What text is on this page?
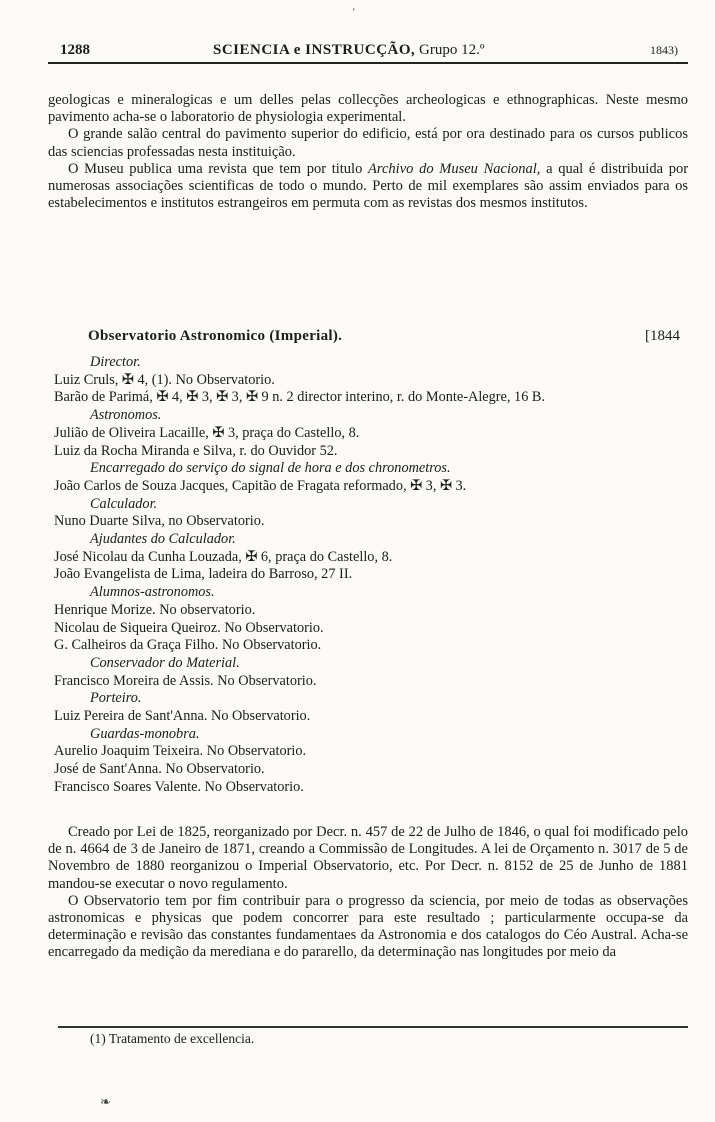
‘
1288	SCIENCIA e INSTRUCÇÃO, Grupo 12.º	1843)

geologicas e mineralogicas e um delles pelas collecções archeologicas e ethnographicas. Neste mesmo pavimento acha-se o laboratorio de physiologia experimental.

O grande salão central do pavimento superior do edificio, está por ora destinado para os cursos publicos das sciencias professadas nesta instituição.

O Museu publica uma revista que tem por titulo Archivo do Museu Nacional, a qual é distribuida por numerosas associações scientificas de todo o mundo. Perto de mil exemplares são assim enviados para os estabelecimentos e institutos estrangeiros em permuta com as revistas dos mesmos institutos.

Observatorio Astronomico (Imperial).	[1844
Director.
Luiz Cruls, ✠ 4, (1). No Observatorio.
Barão de Parimá, ✠ 4, ✠ 3, ✠ 3, ✠ 9 n. 2 director interino, r. do Monte-Alegre, 16 B.
Astronomos.
Julião de Oliveira Lacaille, ✠ 3, praça do Castello, 8.
Luiz da Rocha Miranda e Silva, r. do Ouvidor 52.
Encarregado do serviço do signal de hora e dos chronometros.
João Carlos de Souza Jacques, Capitão de Fragata reformado, ✠ 3, ✠ 3.
Calculador.
Nuno Duarte Silva, no Observatorio.
Ajudantes do Calculador.
José Nicolau da Cunha Louzada, ✠ 6, praça do Castello, 8.
João Evangelista de Lima, ladeira do Barroso, 27 II.
Alumnos-astronomos.
Henrique Morize. No observatorio.
Nicolau de Siqueira Queiroz. No Observatorio.
G. Calheiros da Graça Filho. No Observatorio.
Conservador do Material.
Francisco Moreira de Assis. No Observatorio.
Porteiro.
Luiz Pereira de Sant'Anna. No Observatorio.
Guardas-monobra.
Aurelio Joaquim Teixeira. No Observatorio.
José de Sant'Anna. No Observatorio.
Francisco Soares Valente. No Observatorio.

Creado por Lei de 1825, reorganizado por Decr. n. 457 de 22 de Julho de 1846, o qual foi modificado pelo de n. 4664 de 3 de Janeiro de 1871, creando a Commissão de Longitudes. A lei de Orçamento n. 3017 de 5 de Novembro de 1880 reorganizou o Imperial Observatorio, etc. Por Decr. n. 8152 de 25 de Junho de 1881 mandou-se executar o novo regulamento.

O Observatorio tem por fim contribuir para o progresso da sciencia, por meio de todas as observações astronomicas e physicas que podem concorrer para este resultado ; particularmente occupa-se da determinação e revisão das constantes fundamentaes da Astronomia e dos catalogos do Céo Austral. Acha-se encarregado da medição da merediana e do pararello, da determinação nas longitudes por meio da

(1) Tratamento de excellencia.
❧
